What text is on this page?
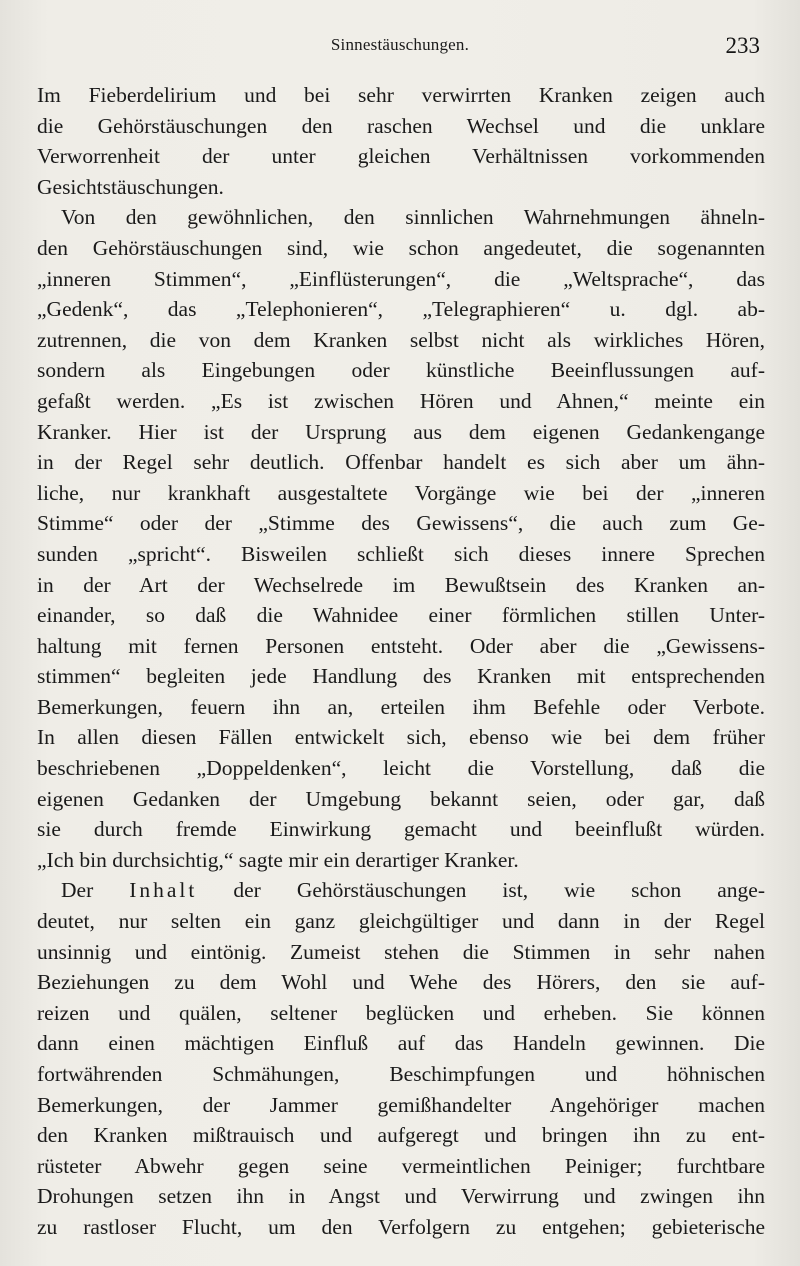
Sinnestäuschungen.	233
Im Fieberdelirium und bei sehr verwirrten Kranken zeigen auch
die Gehörstäuschungen den raschen Wechsel und die unklare
Verworrenheit der unter gleichen Verhältnissen vorkommenden
Gesichtstäuschungen.
Von den gewöhnlichen, den sinnlichen Wahrnehmungen ähneln-
den Gehörstäuschungen sind, wie schon angedeutet, die sogenannten
„inneren Stimmen“, „Einflüsterungen“, die „Weltsprache“, das
„Gedenk“, das „Telephonieren“, „Telegraphieren“ u. dgl. ab-
zutrennen, die von dem Kranken selbst nicht als wirkliches Hören,
sondern als Eingebungen oder künstliche Beeinflussungen auf-
gefaßt werden. „Es ist zwischen Hören und Ahnen,“ meinte ein
Kranker. Hier ist der Ursprung aus dem eigenen Gedankengange
in der Regel sehr deutlich. Offenbar handelt es sich aber um ähn-
liche, nur krankhaft ausgestaltete Vorgänge wie bei der „inneren
Stimme“ oder der „Stimme des Gewissens“, die auch zum Ge-
sunden „spricht“. Bisweilen schließt sich dieses innere Sprechen
in der Art der Wechselrede im Bewußtsein des Kranken an-
einander, so daß die Wahnidee einer förmlichen stillen Unter-
haltung mit fernen Personen entsteht. Oder aber die „Gewissens-
stimmen“ begleiten jede Handlung des Kranken mit entsprechenden
Bemerkungen, feuern ihn an, erteilen ihm Befehle oder Verbote.
In allen diesen Fällen entwickelt sich, ebenso wie bei dem früher
beschriebenen „Doppeldenken“, leicht die Vorstellung, daß die
eigenen Gedanken der Umgebung bekannt seien, oder gar, daß
sie durch fremde Einwirkung gemacht und beeinflußt würden.
„Ich bin durchsichtig,“ sagte mir ein derartiger Kranker.
Der Inhalt der Gehörstäuschungen ist, wie schon ange-
deutet, nur selten ein ganz gleichgültiger und dann in der Regel
unsinnig und eintönig. Zumeist stehen die Stimmen in sehr nahen
Beziehungen zu dem Wohl und Wehe des Hörers, den sie auf-
reizen und quälen, seltener beglücken und erheben. Sie können
dann einen mächtigen Einfluß auf das Handeln gewinnen. Die
fortwährenden Schmähungen, Beschimpfungen und höhnischen
Bemerkungen, der Jammer gemißhandelter Angehöriger machen
den Kranken mißtrauisch und aufgeregt und bringen ihn zu ent-
rüsteter Abwehr gegen seine vermeintlichen Peiniger; furchtbare
Drohungen setzen ihn in Angst und Verwirrung und zwingen ihn
zu rastloser Flucht, um den Verfolgern zu entgehen; gebieterische
